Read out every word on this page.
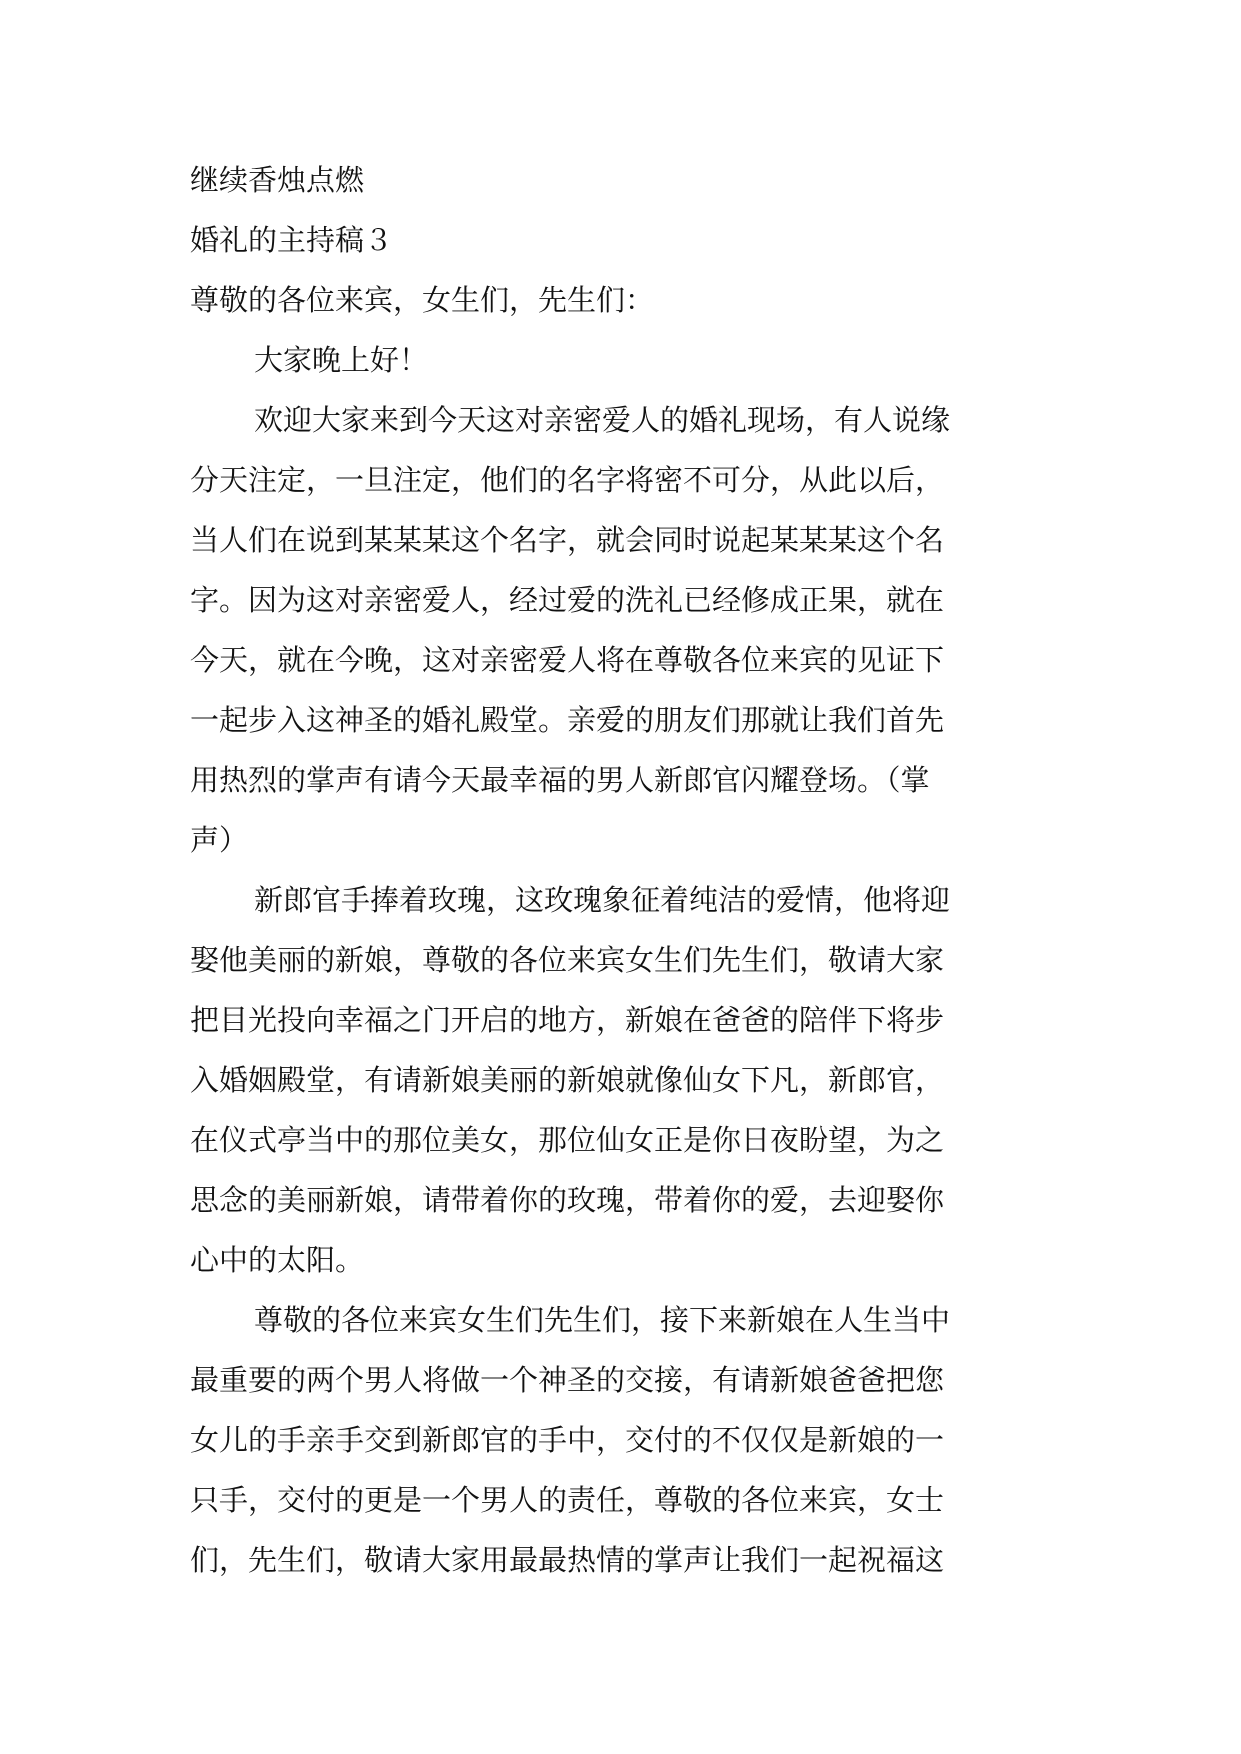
继续香烛点燃
婚礼的主持稿３
尊敬的各位来宾，女生们，先生们：
大家晚上好！
欢迎大家来到今天这对亲密爱人的婚礼现场，有人说缘
分天注定，一旦注定，他们的名字将密不可分，从此以后，
当人们在说到某某某这个名字，就会同时说起某某某这个名
字。因为这对亲密爱人，经过爱的洗礼已经修成正果，就在
今天，就在今晚，这对亲密爱人将在尊敬各位来宾的见证下
一起步入这神圣的婚礼殿堂。亲爱的朋友们那就让我们首先
用热烈的掌声有请今天最幸福的男人新郎官闪耀登场。（掌
声）
新郎官手捧着玫瑰，这玫瑰象征着纯洁的爱情，他将迎
娶他美丽的新娘，尊敬的各位来宾女生们先生们，敬请大家
把目光投向幸福之门开启的地方，新娘在爸爸的陪伴下将步
入婚姻殿堂，有请新娘美丽的新娘就像仙女下凡，新郎官，
在仪式亭当中的那位美女，那位仙女正是你日夜盼望，为之
思念的美丽新娘，请带着你的玫瑰，带着你的爱，去迎娶你
心中的太阳。
尊敬的各位来宾女生们先生们，接下来新娘在人生当中
最重要的两个男人将做一个神圣的交接，有请新娘爸爸把您
女儿的手亲手交到新郎官的手中，交付的不仅仅是新娘的一
只手，交付的更是一个男人的责任，尊敬的各位来宾，女士
们，先生们，敬请大家用最最热情的掌声让我们一起祝福这
